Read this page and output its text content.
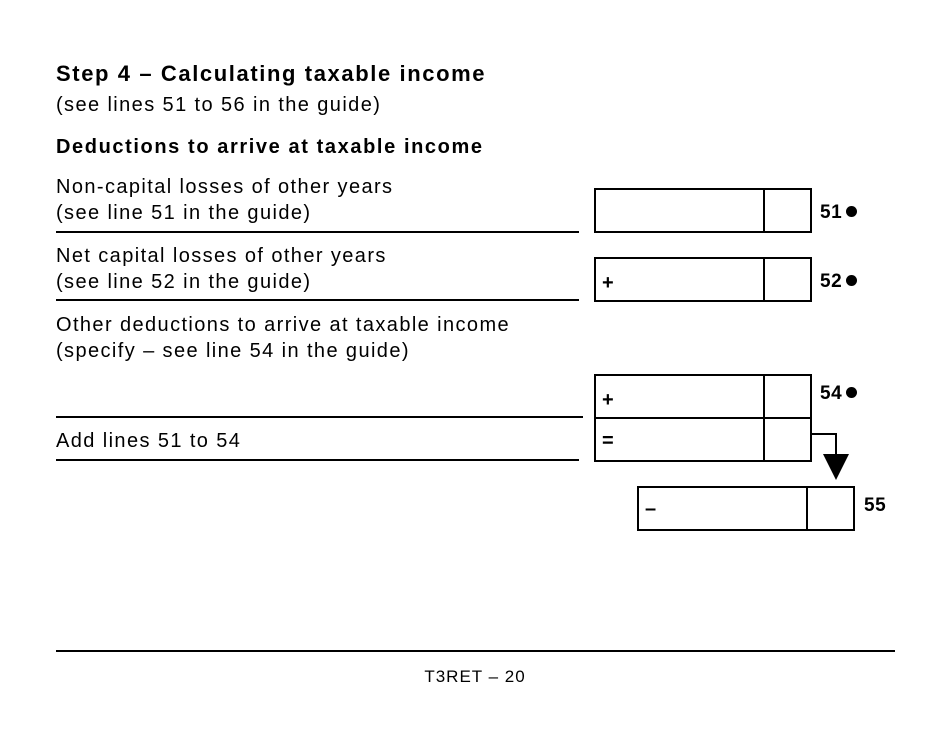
Step 4 – Calculating taxable income
(see lines 51 to 56 in the guide)
Deductions to arrive at taxable income
Non-capital losses of other years
(see line 51 in the guide)	51
Net capital losses of other years
(see line 52 in the guide)	+	52
Other deductions to arrive at taxable income
(specify – see line 54 in the guide)
+	54
Add lines 51 to 54	=
–	55
T3RET – 20
